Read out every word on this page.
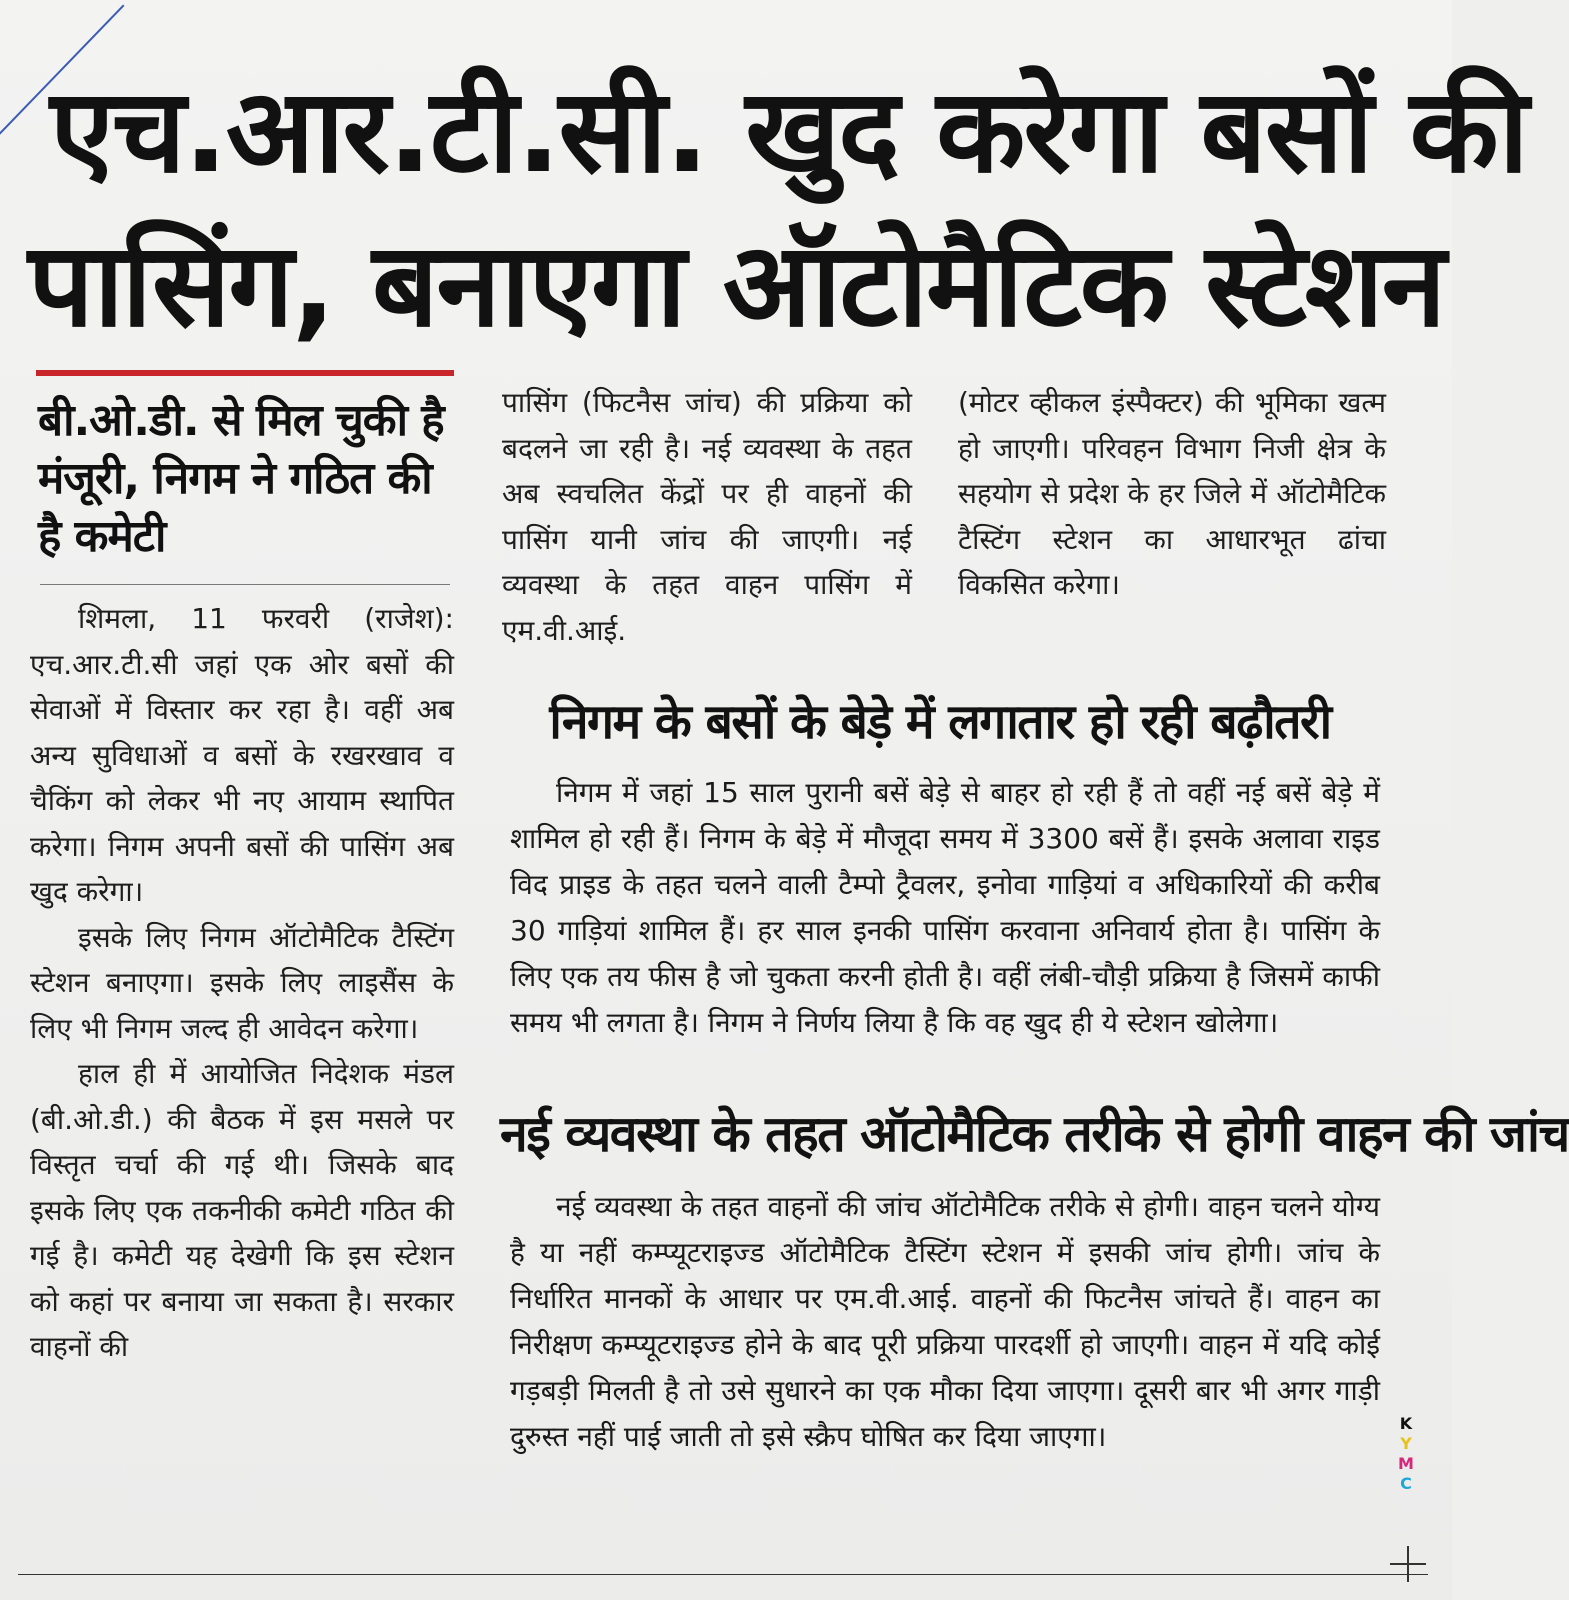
एच.आर.टी.सी. खुद करेगा बसों की
पासिंग, बनाएगा ऑटोमैटिक स्टेशन
बी.ओ.डी. से मिल चुकी है मंजूरी, निगम ने गठित की है कमेटी

शिमला, 11 फरवरी (राजेश): एच.आर.टी.सी जहां एक ओर बसों की सेवाओं में विस्तार कर रहा है। वहीं अब अन्य सुविधाओं व बसों के रखरखाव व चैकिंग को लेकर भी नए आयाम स्थापित करेगा। निगम अपनी बसों की पासिंग अब खुद करेगा।

इसके लिए निगम ऑटोमैटिक टैस्टिंग स्टेशन बनाएगा। इसके लिए लाइसैंस के लिए भी निगम जल्द ही आवेदन करेगा।

हाल ही में आयोजित निदेशक मंडल (बी.ओ.डी.) की बैठक में इस मसले पर विस्तृत चर्चा की गई थी। जिसके बाद इसके लिए एक तकनीकी कमेटी गठित की गई है। कमेटी यह देखेगी कि इस स्टेशन को कहां पर बनाया जा सकता है। सरकार वाहनों की

पासिंग (फिटनैस जांच) की प्रक्रिया को बदलने जा रही है। नई व्यवस्था के तहत अब स्वचलित केंद्रों पर ही वाहनों की पासिंग यानी जांच की जाएगी। नई व्यवस्था के तहत वाहन पासिंग में एम.वी.आई.

(मोटर व्हीकल इंस्पैक्टर) की भूमिका खत्म हो जाएगी। परिवहन विभाग निजी क्षेत्र के सहयोग से प्रदेश के हर जिले में ऑटोमैटिक टैस्टिंग स्टेशन का आधारभूत ढांचा विकसित करेगा।

निगम के बसों के बेड़े में लगातार हो रही बढ़ौतरी

निगम में जहां 15 साल पुरानी बसें बेड़े से बाहर हो रही हैं तो वहीं नई बसें बेड़े में शामिल हो रही हैं। निगम के बेड़े में मौजूदा समय में 3300 बसें हैं। इसके अलावा राइड विद प्राइड के तहत चलने वाली टैम्पो ट्रैवलर, इनोवा गाड़ियां व अधिकारियों की करीब 30 गाड़ियां शामिल हैं। हर साल इनकी पासिंग करवाना अनिवार्य होता है। पासिंग के लिए एक तय फीस है जो चुकता करनी होती है। वहीं लंबी-चौड़ी प्रक्रिया है जिसमें काफी समय भी लगता है। निगम ने निर्णय लिया है कि वह खुद ही ये स्टेशन खोलेगा।

नई व्यवस्था के तहत ऑटोमैटिक तरीके से होगी वाहन की जांच

नई व्यवस्था के तहत वाहनों की जांच ऑटोमैटिक तरीके से होगी। वाहन चलने योग्य है या नहीं कम्प्यूटराइज्ड ऑटोमैटिक टैस्टिंग स्टेशन में इसकी जांच होगी। जांच के निर्धारित मानकों के आधार पर एम.वी.आई. वाहनों की फिटनैस जांचते हैं। वाहन का निरीक्षण कम्प्यूटराइज्ड होने के बाद पूरी प्रक्रिया पारदर्शी हो जाएगी। वाहन में यदि कोई गड़बड़ी मिलती है तो उसे सुधारने का एक मौका दिया जाएगा। दूसरी बार भी अगर गाड़ी दुरुस्त नहीं पाई जाती तो इसे स्क्रैप घोषित कर दिया जाएगा।	K
Y
M
C
